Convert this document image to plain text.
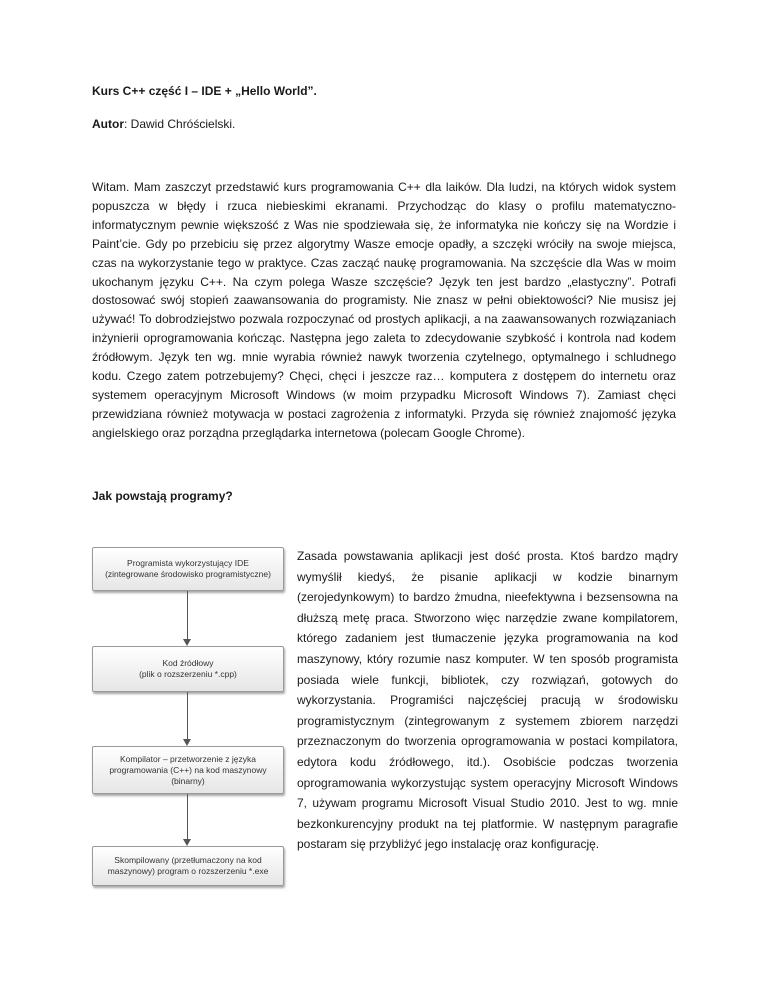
Kurs C++ część I – IDE + „Hello World”.

Autor: Dawid Chróścielski.

Witam. Mam zaszczyt przedstawić kurs programowania C++ dla laików. Dla ludzi, na których widok system popuszcza w błędy i rzuca niebieskimi ekranami. Przychodząc do klasy o profilu matematyczno-informatycznym pewnie większość z Was nie spodziewała się, że informatyka nie kończy się na Wordzie i Paint’cie. Gdy po przebiciu się przez algorytmy Wasze emocje opadły, a szczęki wróciły na swoje miejsca, czas na wykorzystanie tego w praktyce. Czas zacząć naukę programowania. Na szczęście dla Was w moim ukochanym języku C++. Na czym polega Wasze szczęście? Język ten jest bardzo „elastyczny”. Potrafi dostosować swój stopień zaawansowania do programisty. Nie znasz w pełni obiektowości? Nie musisz jej używać! To dobrodziejstwo pozwala rozpoczynać od prostych aplikacji, a na zaawansowanych rozwiązaniach inżynierii oprogramowania kończąc. Następna jego zaleta to zdecydowanie szybkość i kontrola nad kodem źródłowym. Język ten wg. mnie wyrabia również nawyk tworzenia czytelnego, optymalnego i schludnego kodu. Czego zatem potrzebujemy? Chęci, chęci i jeszcze raz… komputera z dostępem do internetu oraz systemem operacyjnym Microsoft Windows (w moim przypadku Microsoft Windows 7). Zamiast chęci przewidziana również motywacja w postaci zagrożenia z informatyki. Przyda się również znajomość języka angielskiego oraz porządna przeglądarka internetowa (polecam Google Chrome).

Jak powstają programy?

Programista wykorzystujący IDE
(zintegrowane środowisko programistyczne)
Kod źródłowy
(plik o rozszerzeniu *.cpp)
Kompilator – przetworzenie z języka
programowania (C++) na kod maszynowy
(binarny)
Skompilowany (przetłumaczony na kod
maszynowy) program o rozszerzeniu *.exe

Zasada powstawania aplikacji jest dość prosta. Ktoś bardzo mądry wymyślił kiedyś, że pisanie aplikacji w kodzie binarnym (zerojedynkowym) to bardzo żmudna, nieefektywna i bezsensowna na dłuższą metę praca. Stworzono więc narzędzie zwane kompilatorem, którego zadaniem jest tłumaczenie języka programowania na kod maszynowy, który rozumie nasz komputer. W ten sposób programista posiada wiele funkcji, bibliotek, czy rozwiązań, gotowych do wykorzystania. Programiści najczęściej pracują w środowisku programistycznym (zintegrowanym z systemem zbiorem narzędzi przeznaczonym do tworzenia oprogramowania w postaci kompilatora, edytora kodu źródłowego, itd.). Osobiście podczas tworzenia oprogramowania wykorzystując system operacyjny Microsoft Windows 7, używam programu Microsoft Visual Studio 2010. Jest to wg. mnie bezkonkurencyjny produkt na tej platformie. W następnym paragrafie postaram się przybliżyć jego instalację oraz konfigurację.
